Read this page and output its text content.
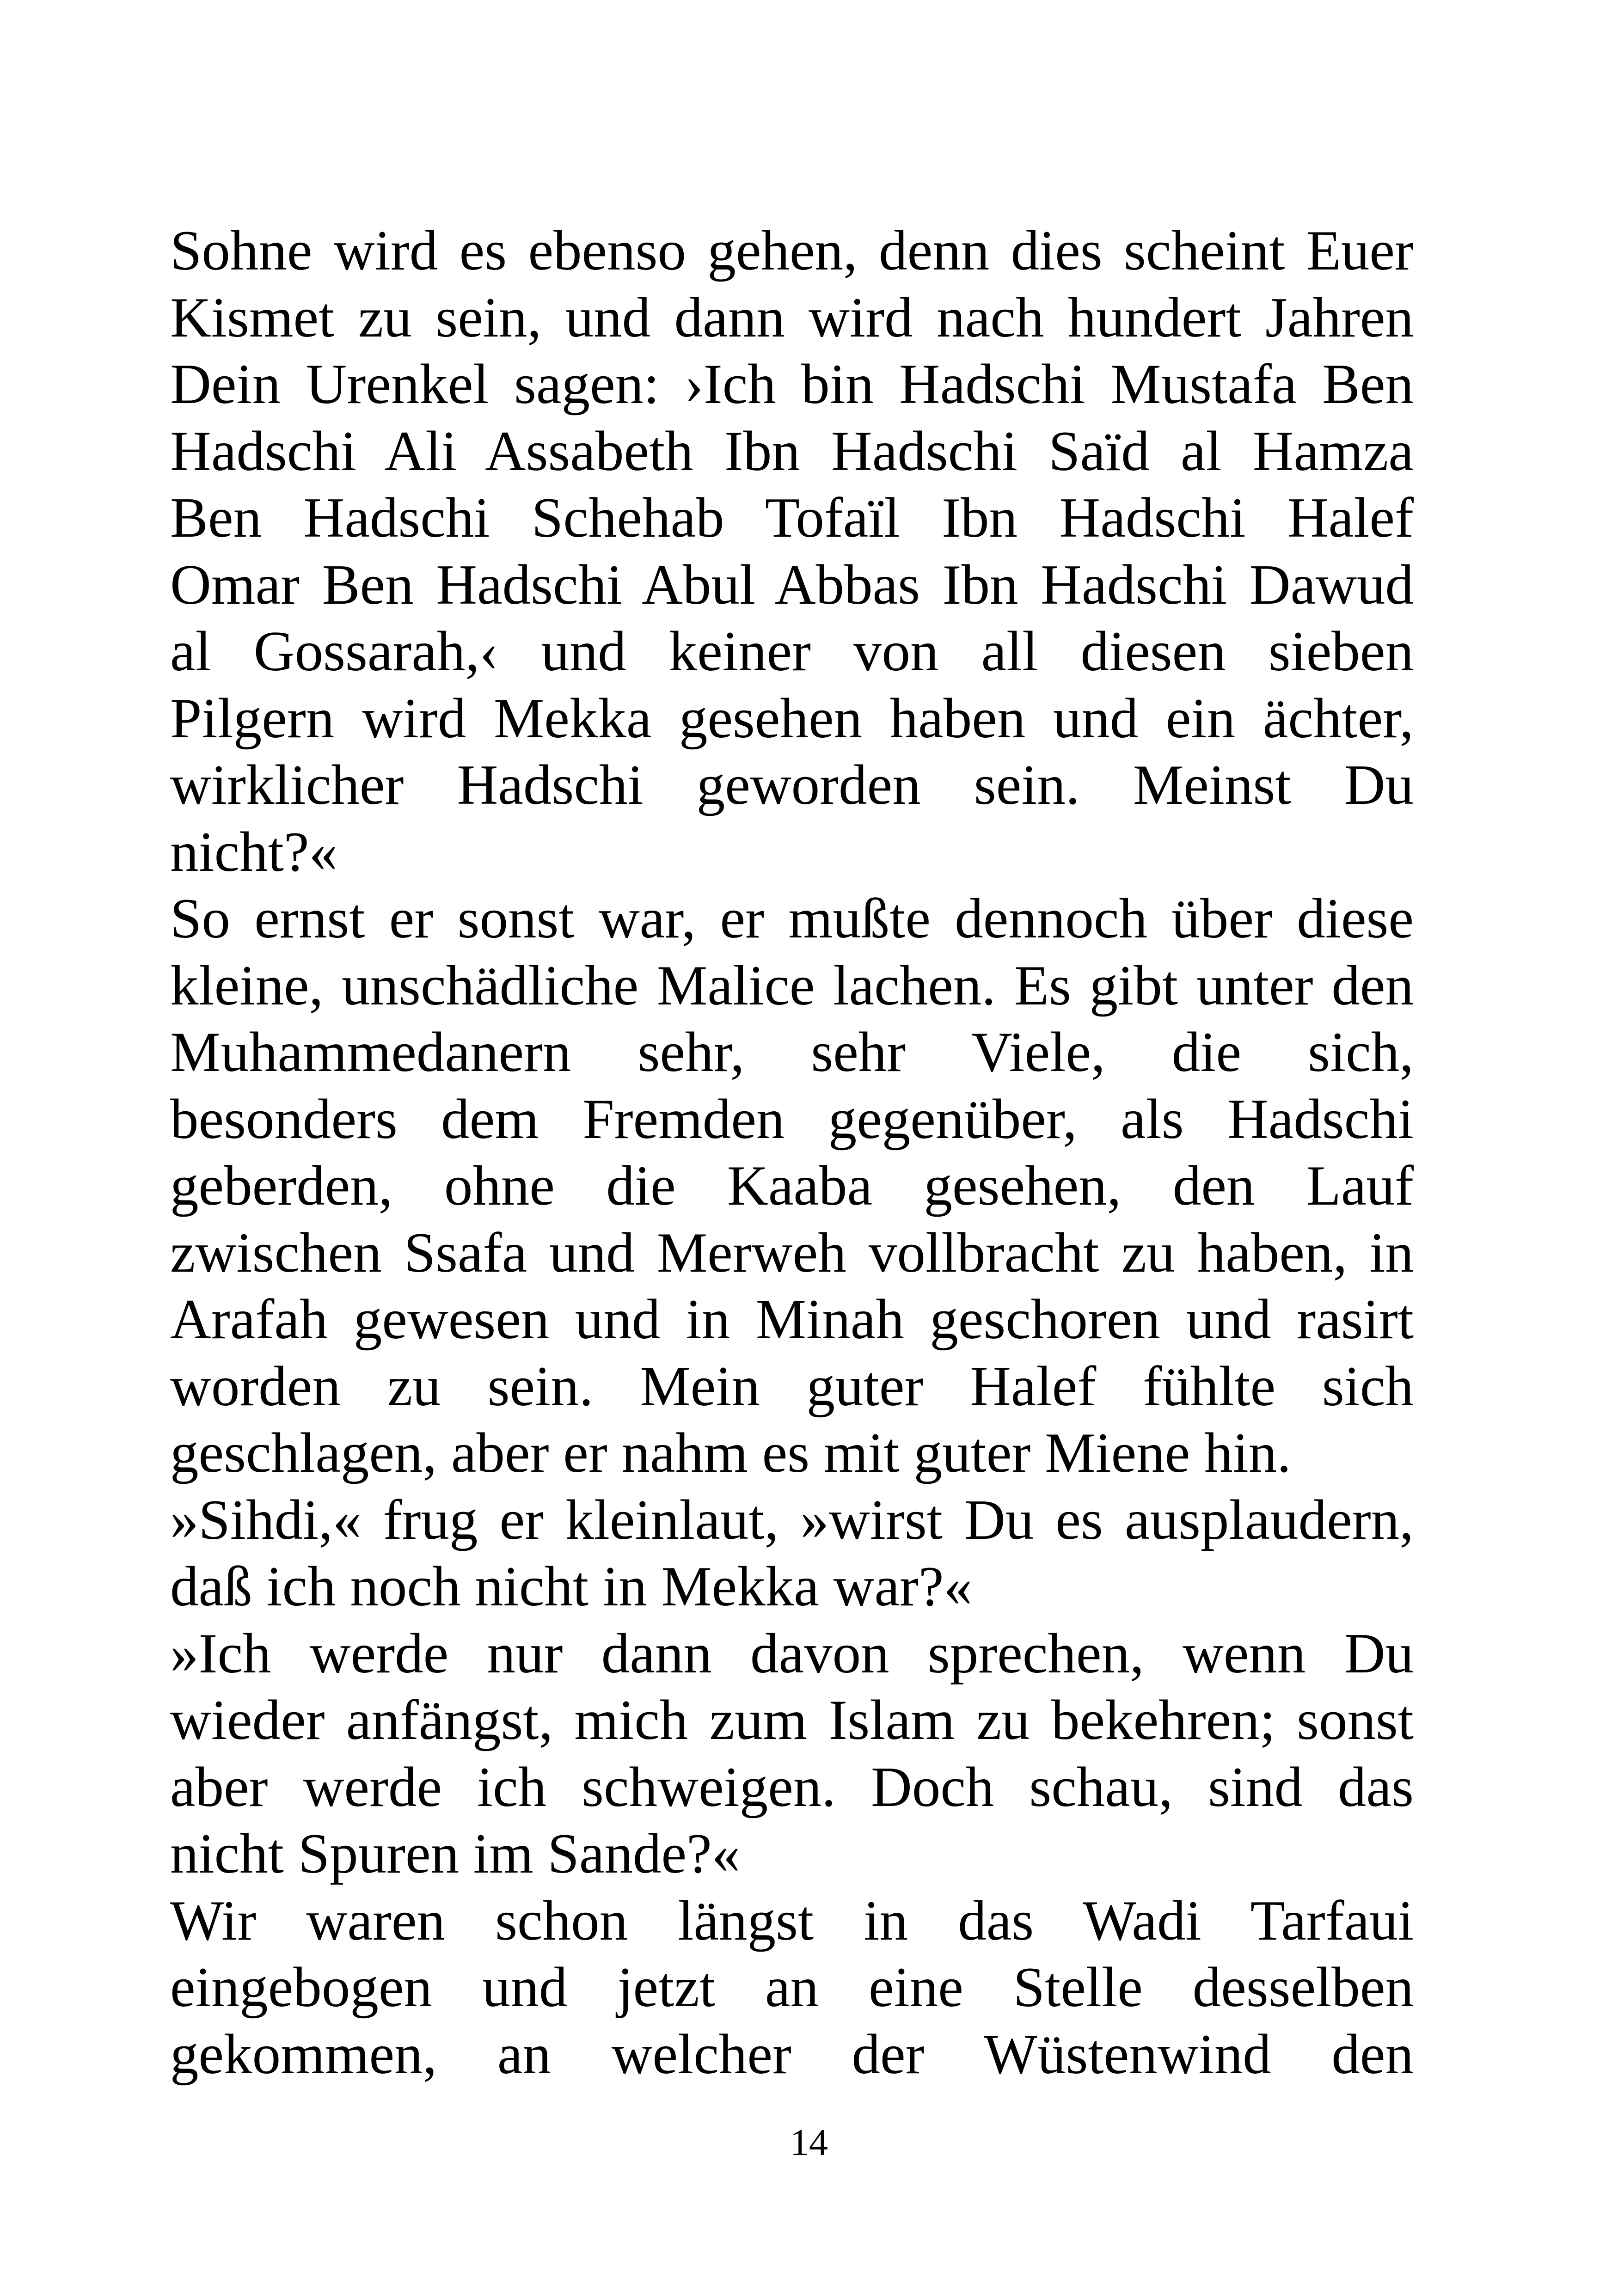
Sohne wird es ebenso gehen, denn dies scheint Euer
Kismet zu sein, und dann wird nach hundert Jahren
Dein Urenkel sagen: ›Ich bin Hadschi Mustafa Ben
Hadschi Ali Assabeth Ibn Hadschi Saïd al Hamza
Ben Hadschi Schehab Tofaïl Ibn Hadschi Halef
Omar Ben Hadschi Abul Abbas Ibn Hadschi Dawud
al Gossarah,‹ und keiner von all diesen sieben
Pilgern wird Mekka gesehen haben und ein ächter,
wirklicher Hadschi geworden sein. Meinst Du
nicht?«
So ernst er sonst war, er mußte dennoch über diese
kleine, unschädliche Malice lachen. Es gibt unter den
Muhammedanern sehr, sehr Viele, die sich,
besonders dem Fremden gegenüber, als Hadschi
geberden, ohne die Kaaba gesehen, den Lauf
zwischen Ssafa und Merweh vollbracht zu haben, in
Arafah gewesen und in Minah geschoren und rasirt
worden zu sein. Mein guter Halef fühlte sich
geschlagen, aber er nahm es mit guter Miene hin.
»Sihdi,« frug er kleinlaut, »wirst Du es ausplaudern,
daß ich noch nicht in Mekka war?«
»Ich werde nur dann davon sprechen, wenn Du
wieder anfängst, mich zum Islam zu bekehren; sonst
aber werde ich schweigen. Doch schau, sind das
nicht Spuren im Sande?«
Wir waren schon längst in das Wadi Tarfaui
eingebogen und jetzt an eine Stelle desselben
gekommen, an welcher der Wüstenwind den
14
